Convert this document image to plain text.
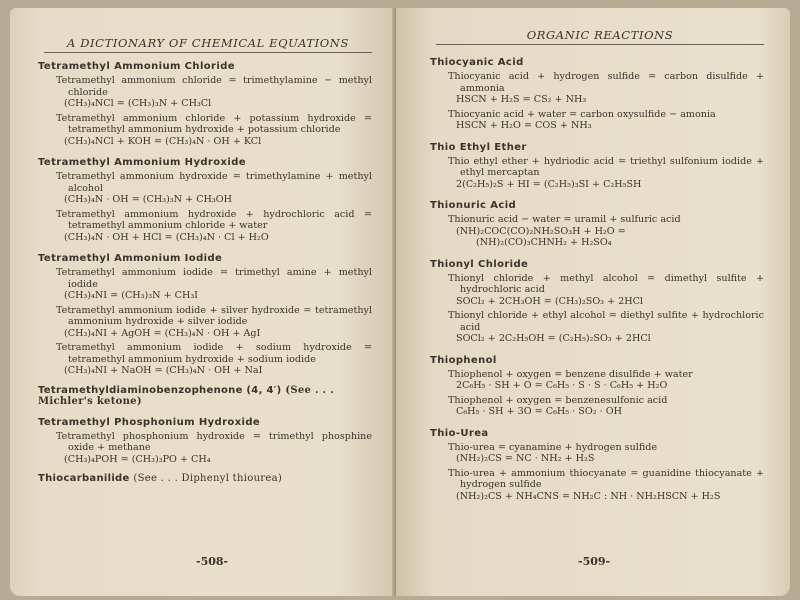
A DICTIONARY OF CHEMICAL EQUATIONS
Tetramethyl Ammonium Chloride
Tetramethyl ammonium chloride = trimethylamine − methyl chloride
(CH₃)₄NCl = (CH₃)₃N + CH₃Cl
Tetramethyl ammonium chloride + potassium hydroxide = tetramethyl ammonium hydroxide + potassium chloride
(CH₃)₄NCl + KOH = (CH₃)₄N · OH + KCl
Tetramethyl Ammonium Hydroxide
Tetramethyl ammonium hydroxide = trimethylamine + methyl alcohol
(CH₃)₄N · OH = (CH₃)₃N + CH₃OH
Tetramethyl ammonium hydroxide + hydrochloric acid = tetramethyl ammonium chloride + water
(CH₃)₄N · OH + HCl = (CH₃)₄N · Cl + H₂O
Tetramethyl Ammonium Iodide
Tetramethyl ammonium iodide = trimethyl amine + methyl iodide
(CH₃)₄NI = (CH₃)₃N + CH₃I
Tetramethyl ammonium iodide + silver hydroxide = tetramethyl ammonium hydroxide + silver iodide
(CH₃)₄NI + AgOH = (CH₃)₄N · OH + AgI
Tetramethyl ammonium iodide + sodium hydroxide = tetramethyl ammonium hydroxide + sodium iodide
(CH₃)₄NI + NaOH = (CH₃)₄N · OH + NaI
Tetramethyldiaminobenzophenone (4, 4′) (See . . . Michler's ketone)
Tetramethyl Phosphonium Hydroxide
Tetramethyl phosphonium hydroxide = trimethyl phosphine oxide + methane
(CH₃)₄POH = (CH₃)₃PO + CH₄
Thiocarbanilide (See . . . Diphenyl thiourea)
-508-
ORGANIC REACTIONS
Thiocyanic Acid
Thiocyanic acid + hydrogen sulfide = carbon disulfide + ammonia
HSCN + H₂S = CS₂ + NH₃
Thiocyanic acid + water = carbon oxysulfide − amonia
HSCN + H₂O = COS + NH₃
Thio Ethyl Ether
Thio ethyl ether + hydriodic acid = triethyl sulfonium iodide + ethyl mercaptan
2(C₂H₅)₂S + HI = (C₂H₅)₃SI + C₂H₅SH
Thionuric Acid
Thionuric acid − water = uramil + sulfuric acid
(NH)₂COC(CO)₂NH₂SO₃H + H₂O =
(NH)₂(CO)₃CHNH₂ + H₂SO₄
Thionyl Chloride
Thionyl chloride + methyl alcohol = dimethyl sulfite + hydrochloric acid
SOCl₂ + 2CH₃OH = (CH₃)₂SO₃ + 2HCl
Thionyl chloride + ethyl alcohol = diethyl sulfite + hydrochloric acid
SOCl₂ + 2C₂H₅OH = (C₂H₅)₂SO₃ + 2HCl
Thiophenol
Thiophenol + oxygen = benzene disulfide + water
2C₆H₅ · SH + O = C₆H₅ · S · S · C₆H₅ + H₂O
Thiophenol + oxygen = benzenesulfonic acid
C₆H₅ · SH + 3O = C₆H₅ · SO₂ · OH
Thio-Urea
Thio-urea = cyanamine + hydrogen sulfide
(NH₂)₂CS = NC · NH₂ + H₂S
Thio-urea + ammonium thiocyanate = guanidine thiocyanate + hydrogen sulfide
(NH₂)₂CS + NH₄CNS = NH₂C : NH · NH₂HSCN + H₂S
-509-
